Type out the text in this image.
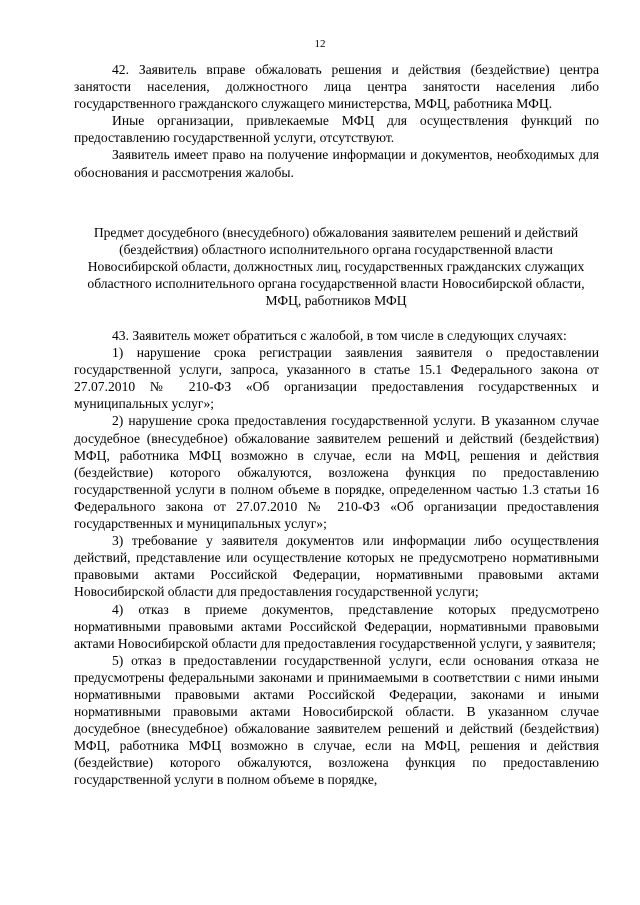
12

42. Заявитель вправе обжаловать решения и действия (бездействие) центра занятости населения, должностного лица центра занятости населения либо государственного гражданского служащего министерства, МФЦ, работника МФЦ.

Иные организации, привлекаемые МФЦ для осуществления функций по предоставлению государственной услуги, отсутствуют.

Заявитель имеет право на получение информации и документов, необходимых для обоснования и рассмотрения жалобы.

Предмет досудебного (внесудебного) обжалования заявителем решений и действий (бездействия) областного исполнительного органа государственной власти Новосибирской области, должностных лиц, государственных гражданских служащих областного исполнительного органа государственной власти Новосибирской области, МФЦ, работников МФЦ

43. Заявитель может обратиться с жалобой, в том числе в следующих случаях:

1) нарушение срока регистрации заявления заявителя о предоставлении государственной услуги, запроса, указанного в статье 15.1 Федерального закона от 27.07.2010 № 210-ФЗ «Об организации предоставления государственных и муниципальных услуг»;

2) нарушение срока предоставления государственной услуги. В указанном случае досудебное (внесудебное) обжалование заявителем решений и действий (бездействия) МФЦ, работника МФЦ возможно в случае, если на МФЦ, решения и действия (бездействие) которого обжалуются, возложена функция по предоставлению государственной услуги в полном объеме в порядке, определенном частью 1.3 статьи 16 Федерального закона от 27.07.2010 № 210-ФЗ «Об организации предоставления государственных и муниципальных услуг»;

3) требование у заявителя документов или информации либо осуществления действий, представление или осуществление которых не предусмотрено нормативными правовыми актами Российской Федерации, нормативными правовыми актами Новосибирской области для предоставления государственной услуги;

4) отказ в приеме документов, представление которых предусмотрено нормативными правовыми актами Российской Федерации, нормативными правовыми актами Новосибирской области для предоставления государственной услуги, у заявителя;

5) отказ в предоставлении государственной услуги, если основания отказа не предусмотрены федеральными законами и принимаемыми в соответствии с ними иными нормативными правовыми актами Российской Федерации, законами и иными нормативными правовыми актами Новосибирской области. В указанном случае досудебное (внесудебное) обжалование заявителем решений и действий (бездействия) МФЦ, работника МФЦ возможно в случае, если на МФЦ, решения и действия (бездействие) которого обжалуются, возложена функция по предоставлению государственной услуги в полном объеме в порядке,
